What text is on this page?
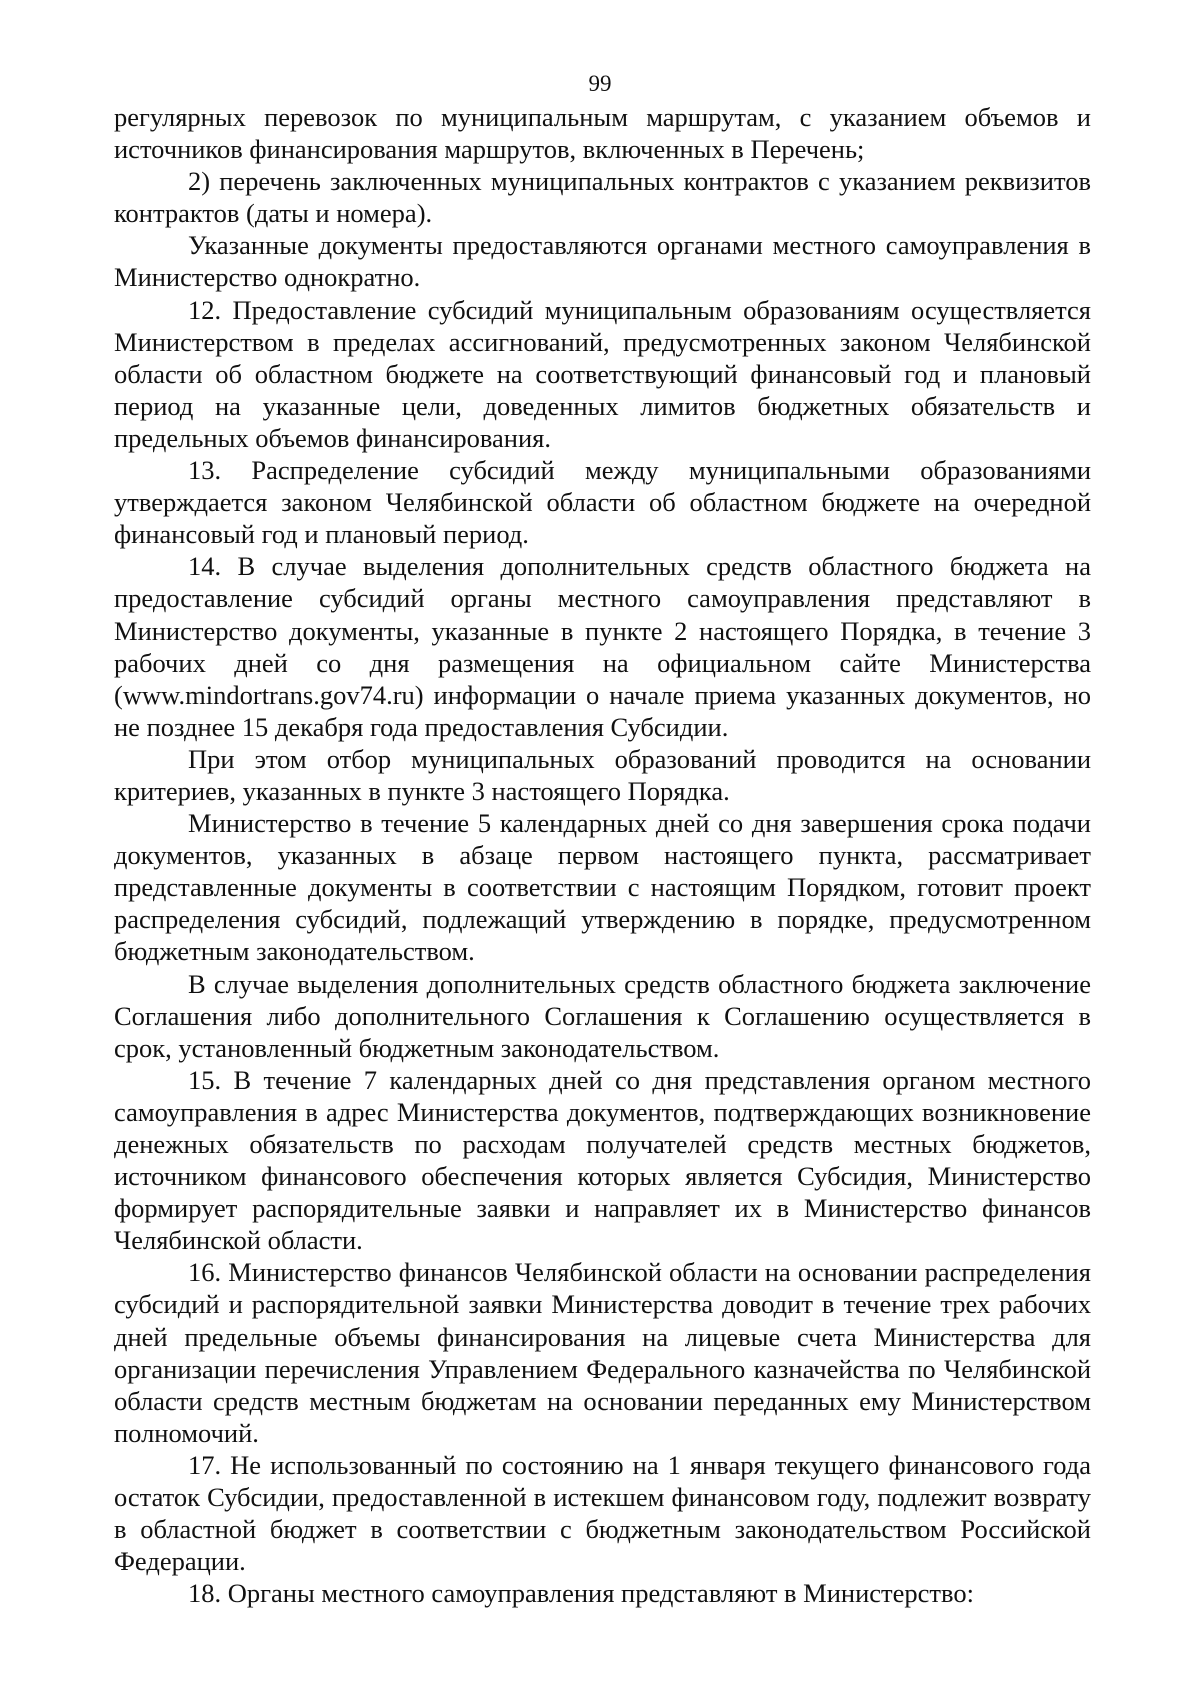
99

регулярных перевозок по муниципальным маршрутам, с указанием объемов и источников финансирования маршрутов, включенных в Перечень;

2) перечень заключенных муниципальных контрактов с указанием реквизитов контрактов (даты и номера).

Указанные документы предоставляются органами местного самоуправления в Министерство однократно.

12. Предоставление субсидий муниципальным образованиям осуществляется Министерством в пределах ассигнований, предусмотренных законом Челябинской области об областном бюджете на соответствующий финансовый год и плановый период на указанные цели, доведенных лимитов бюджетных обязательств и предельных объемов финансирования.

13. Распределение субсидий между муниципальными образованиями утверждается законом Челябинской области об областном бюджете на очередной финансовый год и плановый период.

14. В случае выделения дополнительных средств областного бюджета на предоставление субсидий органы местного самоуправления представляют в Министерство документы, указанные в пункте 2 настоящего Порядка, в течение 3 рабочих дней со дня размещения на официальном сайте Министерства (www.mindortrans.gov74.ru) информации о начале приема указанных документов, но не позднее 15 декабря года предоставления Субсидии.

При этом отбор муниципальных образований проводится на основании критериев, указанных в пункте 3 настоящего Порядка.

Министерство в течение 5 календарных дней со дня завершения срока подачи документов, указанных в абзаце первом настоящего пункта, рассматривает представленные документы в соответствии с настоящим Порядком, готовит проект распределения субсидий, подлежащий утверждению в порядке, предусмотренном бюджетным законодательством.

В случае выделения дополнительных средств областного бюджета заключение Соглашения либо дополнительного Соглашения к Соглашению осуществляется в срок, установленный бюджетным законодательством.

15. В течение 7 календарных дней со дня представления органом местного самоуправления в адрес Министерства документов, подтверждающих возникновение денежных обязательств по расходам получателей средств местных бюджетов, источником финансового обеспечения которых является Субсидия, Министерство формирует распорядительные заявки и направляет их в Министерство финансов Челябинской области.

16. Министерство финансов Челябинской области на основании распределения субсидий и распорядительной заявки Министерства доводит в течение трех рабочих дней предельные объемы финансирования на лицевые счета Министерства для организации перечисления Управлением Федерального казначейства по Челябинской области средств местным бюджетам на основании переданных ему Министерством полномочий.

17. Не использованный по состоянию на 1 января текущего финансового года остаток Субсидии, предоставленной в истекшем финансовом году, подлежит возврату в областной бюджет в соответствии с бюджетным законодательством Российской Федерации.

18. Органы местного самоуправления представляют в Министерство:
